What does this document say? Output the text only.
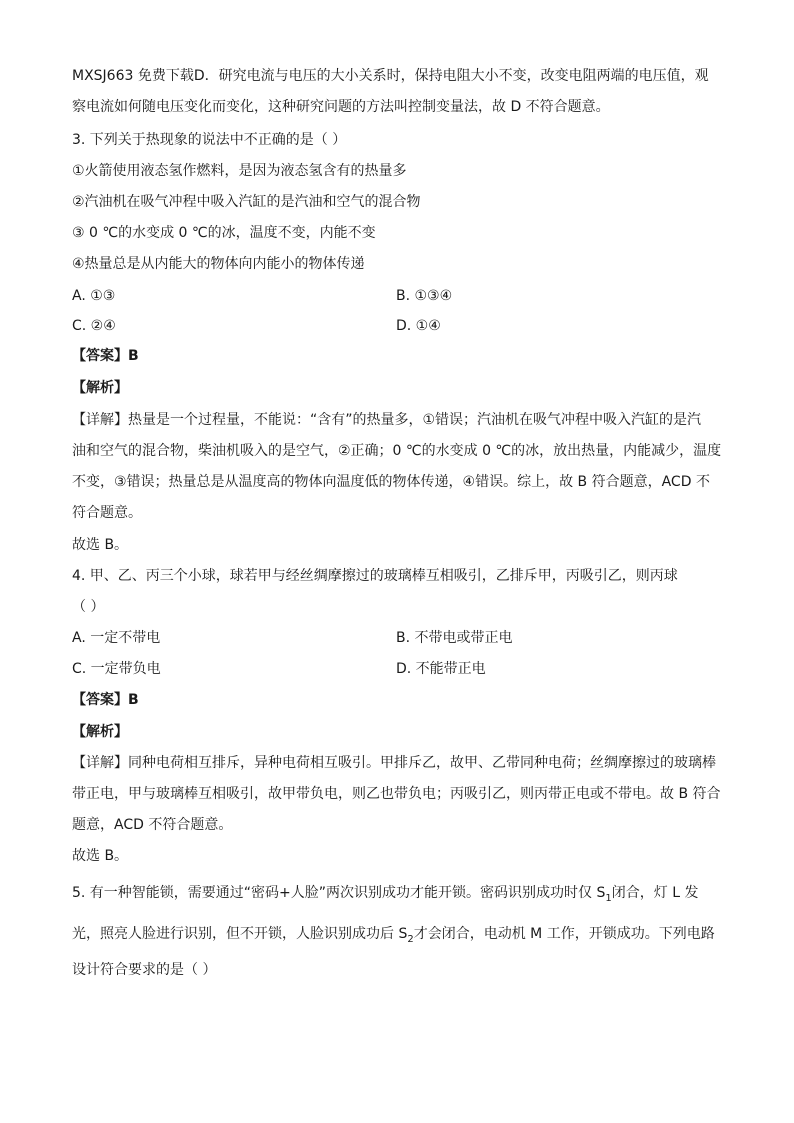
MXSJ663 免费下载D．研究电流与电压的大小关系时，保持电阻大小不变，改变电阻两端的电压值，观
察电流如何随电压变化而变化，这种研究问题的方法叫控制变量法，故 D 不符合题意。
3. 下列关于热现象的说法中不正确的是（ ）
①火箭使用液态氢作燃料，是因为液态氢含有的热量多
②汽油机在吸气冲程中吸入汽缸的是汽油和空气的混合物
③ 0 ℃的水变成 0 ℃的冰，温度不变，内能不变
④热量总是从内能大的物体向内能小的物体传递
A. ①③	B. ①③④
C. ②④	D. ①④
【答案】B
【解析】
【详解】热量是一个过程量，不能说：“含有”的热量多，①错误；汽油机在吸气冲程中吸入汽缸的是汽
油和空气的混合物，柴油机吸入的是空气，②正确；0 ℃的水变成 0 ℃的冰，放出热量，内能减少，温度
不变，③错误；热量总是从温度高的物体向温度低的物体传递，④错误。综上，故 B 符合题意，ACD 不
符合题意。
故选 B。
4. 甲、乙、丙三个小球，球若甲与经丝绸摩擦过的玻璃棒互相吸引，乙排斥甲，丙吸引乙，则丙球
（ ）
A. 一定不带电	B. 不带电或带正电
C. 一定带负电	D. 不能带正电
【答案】B
【解析】
【详解】同种电荷相互排斥，异种电荷相互吸引。甲排斥乙，故甲、乙带同种电荷；丝绸摩擦过的玻璃棒
带正电，甲与玻璃棒互相吸引，故甲带负电，则乙也带负电；丙吸引乙，则丙带正电或不带电。故 B 符合
题意，ACD 不符合题意。
故选 B。
5. 有一种智能锁，需要通过“密码+人脸”两次识别成功才能开锁。密码识别成功时仅 $S_1$闭合，灯 L 发
光，照亮人脸进行识别，但不开锁，人脸识别成功后 $S_2$才会闭合，电动机 M 工作，开锁成功。下列电路
设计符合要求的是（ ）
